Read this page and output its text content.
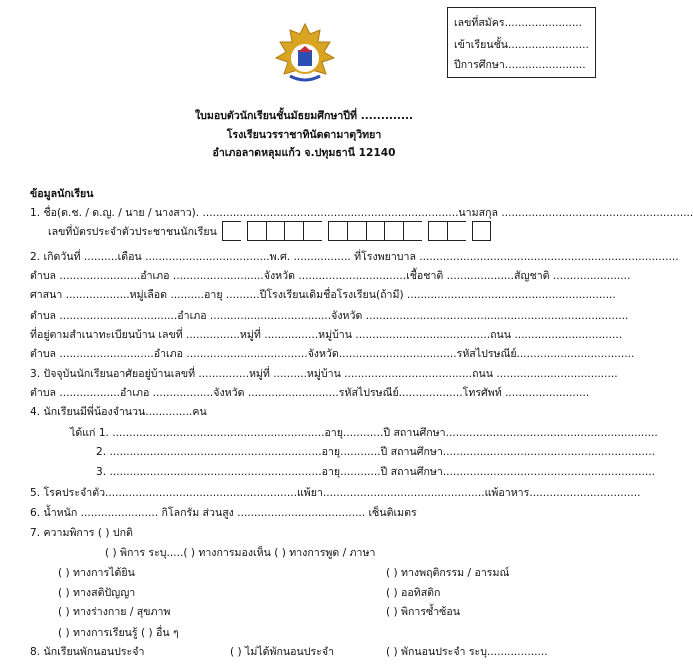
เลขที่สมัคร.......................
เข้าเรียนชั้น........................
ปีการศึกษา........................
ใบมอบตัวนักเรียนชั้นมัธยมศึกษาปีที่ .............
โรงเรียนวรราชาทินัดดามาตุวิทยา
อำเภอลาดหลุมแก้ว จ.ปทุมธานี 12140
ข้อมูลนักเรียน
1. ชื่อ(ด.ช. / ด.ญ. / นาย / นางสาว). ............................................................................นามสกุล .........................................................
เลขที่บัตรประจำตัวประชาชนนักเรียน
2. เกิดวันที่ ..........เดือน .....................................พ.ศ. ................. ที่โรงพยาบาล .............................................................................
ตำบล ........................อำเภอ ...........................จังหวัด ................................เชื้อชาติ ....................สัญชาติ .......................
ศาสนา ...................หมู่เลือด ..........อายุ ..........ปีโรงเรียนเดิมชื่อโรงเรียน(ถ้ามี) ..............................................................
ตำบล ...................................อำเภอ ....................................จังหวัด ..............................................................................
ที่อยู่ตามสำเนาทะเบียนบ้าน เลขที่ ................หมู่ที่ ................หมู่บ้าน ........................................ถนน ................................
ตำบล ............................อำเภอ ....................................จังหวัด...................................รหัสไปรษณีย์...................................
3. ปัจจุบันนักเรียนอาศัยอยู่บ้านเลขที่ ...............หมู่ที่ ..........หมู่บ้าน ......................................ถนน ....................................
ตำบล ..................อำเภอ ..................จังหวัด ...........................รหัสไปรษณีย์...................โทรศัพท์ .........................
4. นักเรียนมีพี่น้องจำนวน..............คน
ได้แก่ 1. ...............................................................อายุ............ปี สถานศึกษา...............................................................
2. ...............................................................อายุ............ปี สถานศึกษา...............................................................
3. ...............................................................อายุ............ปี สถานศึกษา...............................................................
5. โรคประจำตัว.........................................................แพ้ยา................................................แพ้อาหาร.................................
6. น้ำหนัก ....................... กิโลกรัม ส่วนสูง ...................................... เซ็นติเมตร
7. ความพิการ ( ) ปกติ
( ) พิการ ระบุ.....( ) ทางการมองเห็น ( ) ทางการพูด / ภาษา
( ) ทางการได้ยิน	( ) ทางพฤติกรรม / อารมณ์
( ) ทางสติปัญญา	( ) ออทิสติก
( ) ทางร่างกาย / สุขภาพ	( ) พิการซ้ำซ้อน
( ) ทางการเรียนรู้ ( ) อื่น ๆ
8. นักเรียนพักนอนประจำ	( ) ไม่ได้พักนอนประจำ	( ) พักนอนประจำ ระบุ..................
